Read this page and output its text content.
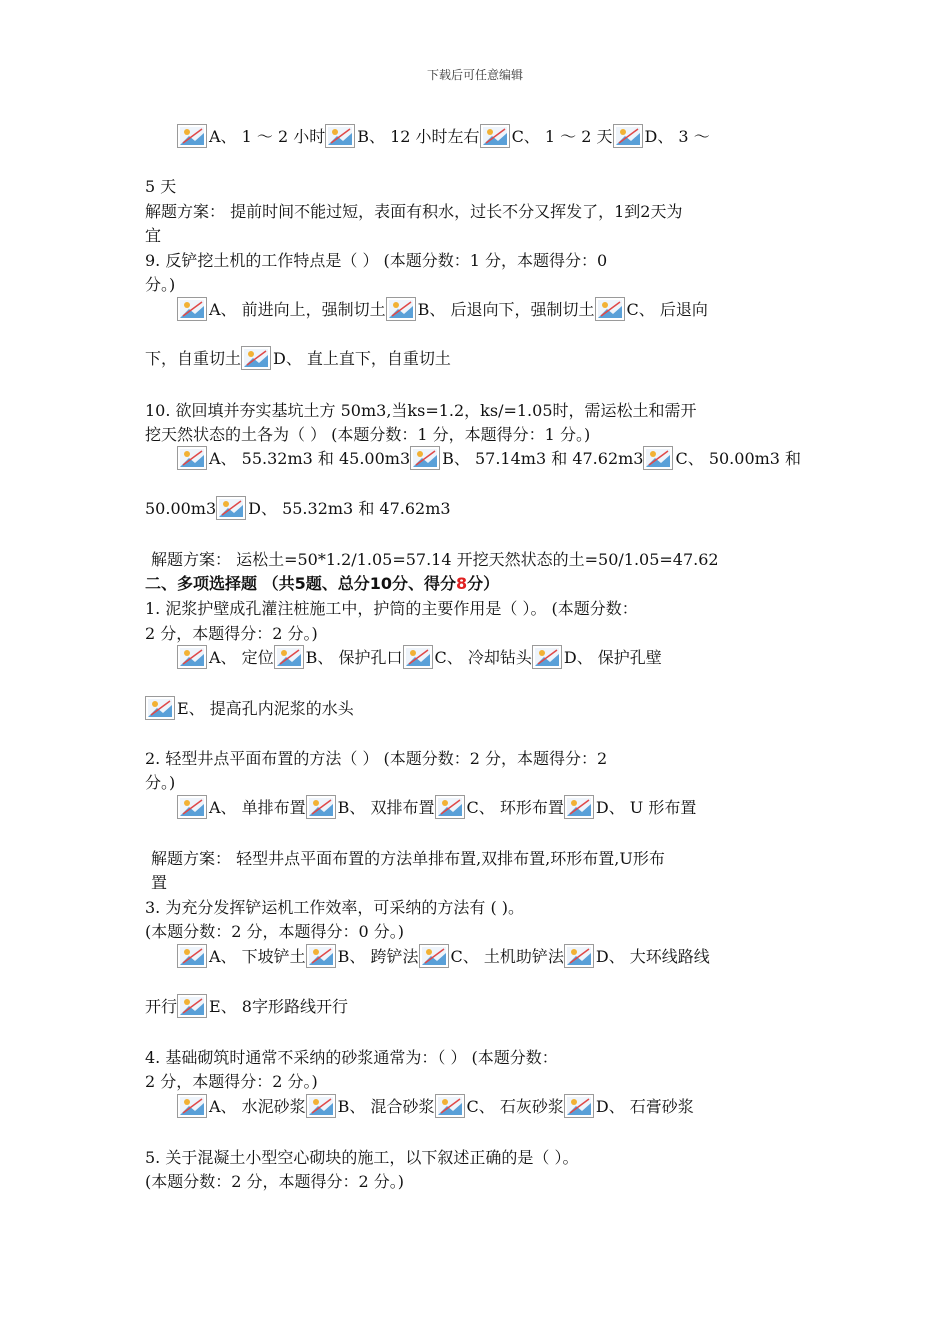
下载后可任意编辑
A、 1 ～ 2 小时 B、 12 小时左右 C、 1 ～ 2 天 D、 3 ～
5 天
解题方案： 提前时间不能过短，表面有积水，过长不分又挥发了，1到2天为
宜
9. 反铲挖土机的工作特点是（ ） (本题分数：1 分，本题得分：0
分。)
A、 前进向上，强制切土 B、 后退向下，强制切土 C、 后退向
下，自重切土 D、 直上直下，自重切土
10. 欲回填并夯实基坑土方 50m3,当ks=1.2，ks/=1.05时，需运松土和需开
挖天然状态的土各为（ ） (本题分数：1 分，本题得分：1 分。)
A、 55.32m3 和 45.00m3 B、 57.14m3 和 47.62m3 C、 50.00m3 和
50.00m3 D、 55.32m3 和 47.62m3
解题方案： 运松土=50*1.2/1.05=57.14 开挖天然状态的土=50/1.05=47.62
二、多项选择题 （共5题、总分10分、得分8分）
1. 泥浆护壁成孔灌注桩施工中，护筒的主要作用是（ ）。 (本题分数：
2 分，本题得分：2 分。)
A、 定位 B、 保护孔口 C、 冷却钻头 D、 保护孔壁
E、 提高孔内泥浆的水头
2. 轻型井点平面布置的方法（ ） (本题分数：2 分，本题得分：2
分。)
A、 单排布置 B、 双排布置 C、 环形布置 D、 U 形布置
解题方案： 轻型井点平面布置的方法单排布置,双排布置,环形布置,U形布
置
3. 为充分发挥铲运机工作效率，可采纳的方法有 ( )。
(本题分数：2 分，本题得分：0 分。)
A、 下坡铲土 B、 跨铲法 C、 土机助铲法 D、 大环线路线
开行 E、 8字形路线开行
4. 基础砌筑时通常不采纳的砂浆通常为：（ ） (本题分数：
2 分，本题得分：2 分。)
A、 水泥砂浆 B、 混合砂浆 C、 石灰砂浆 D、 石膏砂浆
5. 关于混凝土小型空心砌块的施工，以下叙述正确的是（ ）。
(本题分数：2 分，本题得分：2 分。)
